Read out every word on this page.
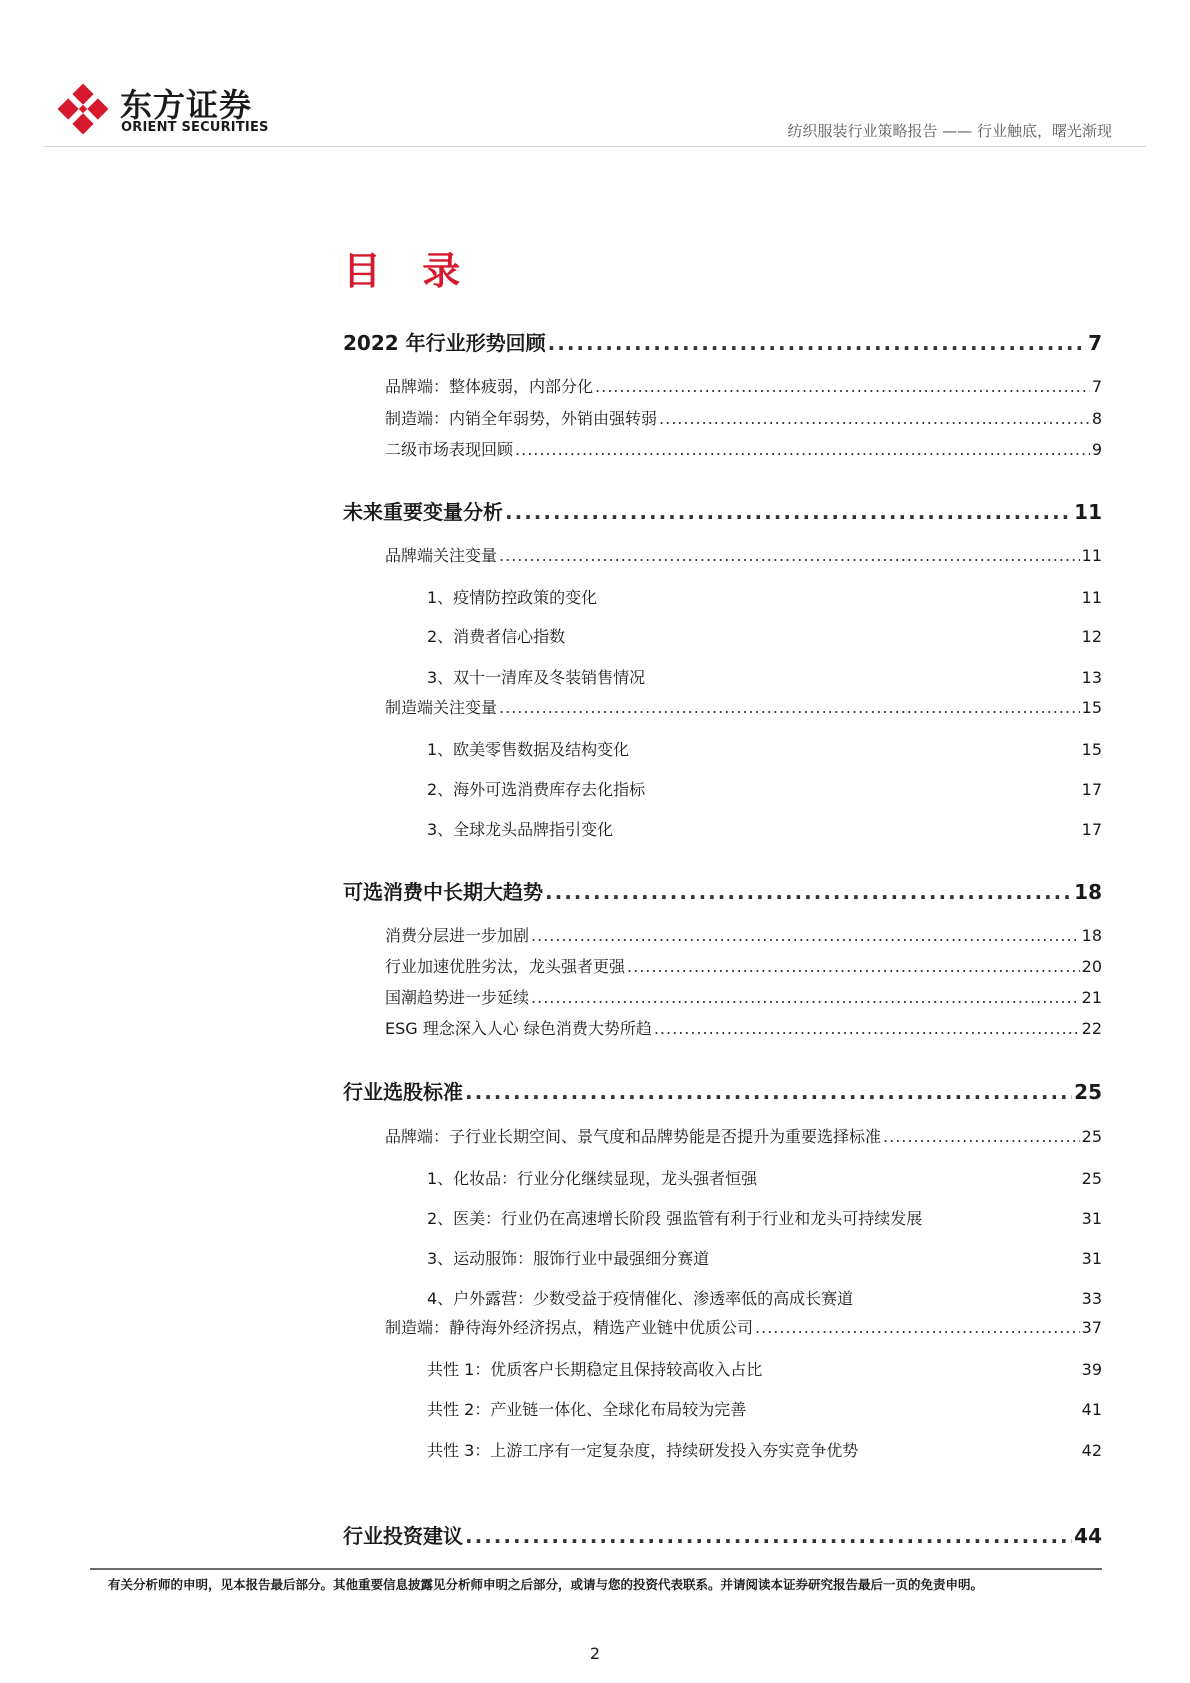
东方证券
ORIENT SECURITIES	纺织服装行业策略报告 —— 行业触底，曙光渐现
目 录
2022 年行业形势回顾 .....	7
品牌端：整体疲弱，内部分化 .....	7
制造端：内销全年弱势，外销由强转弱 .....	8
二级市场表现回顾 .....	9
未来重要变量分析 .....	11
品牌端关注变量 .....	11
1、疫情防控政策的变化	11
2、消费者信心指数	12
3、双十一清库及冬装销售情况	13
制造端关注变量 .....	15
1、欧美零售数据及结构变化	15
2、海外可选消费库存去化指标	17
3、全球龙头品牌指引变化	17
可选消费中长期大趋势 .....	18
消费分层进一步加剧 .....	18
行业加速优胜劣汰，龙头强者更强 .....	20
国潮趋势进一步延续 .....	21
ESG 理念深入人心 绿色消费大势所趋 .....	22
行业选股标准 .....	25
品牌端：子行业长期空间、景气度和品牌势能是否提升为重要选择标准 .....	25
1、化妆品：行业分化继续显现，龙头强者恒强	25
2、医美：行业仍在高速增长阶段 强监管有利于行业和龙头可持续发展	31
3、运动服饰：服饰行业中最强细分赛道	31
4、户外露营：少数受益于疫情催化、渗透率低的高成长赛道	33
制造端：静待海外经济拐点，精选产业链中优质公司 .....	37
共性 1：优质客户长期稳定且保持较高收入占比	39
共性 2：产业链一体化、全球化布局较为完善	41
共性 3：上游工序有一定复杂度，持续研发投入夯实竞争优势	42
行业投资建议 .....	44
有关分析师的申明，见本报告最后部分。其他重要信息披露见分析师申明之后部分，或请与您的投资代表联系。并请阅读本证券研究报告最后一页的免责申明。
2
